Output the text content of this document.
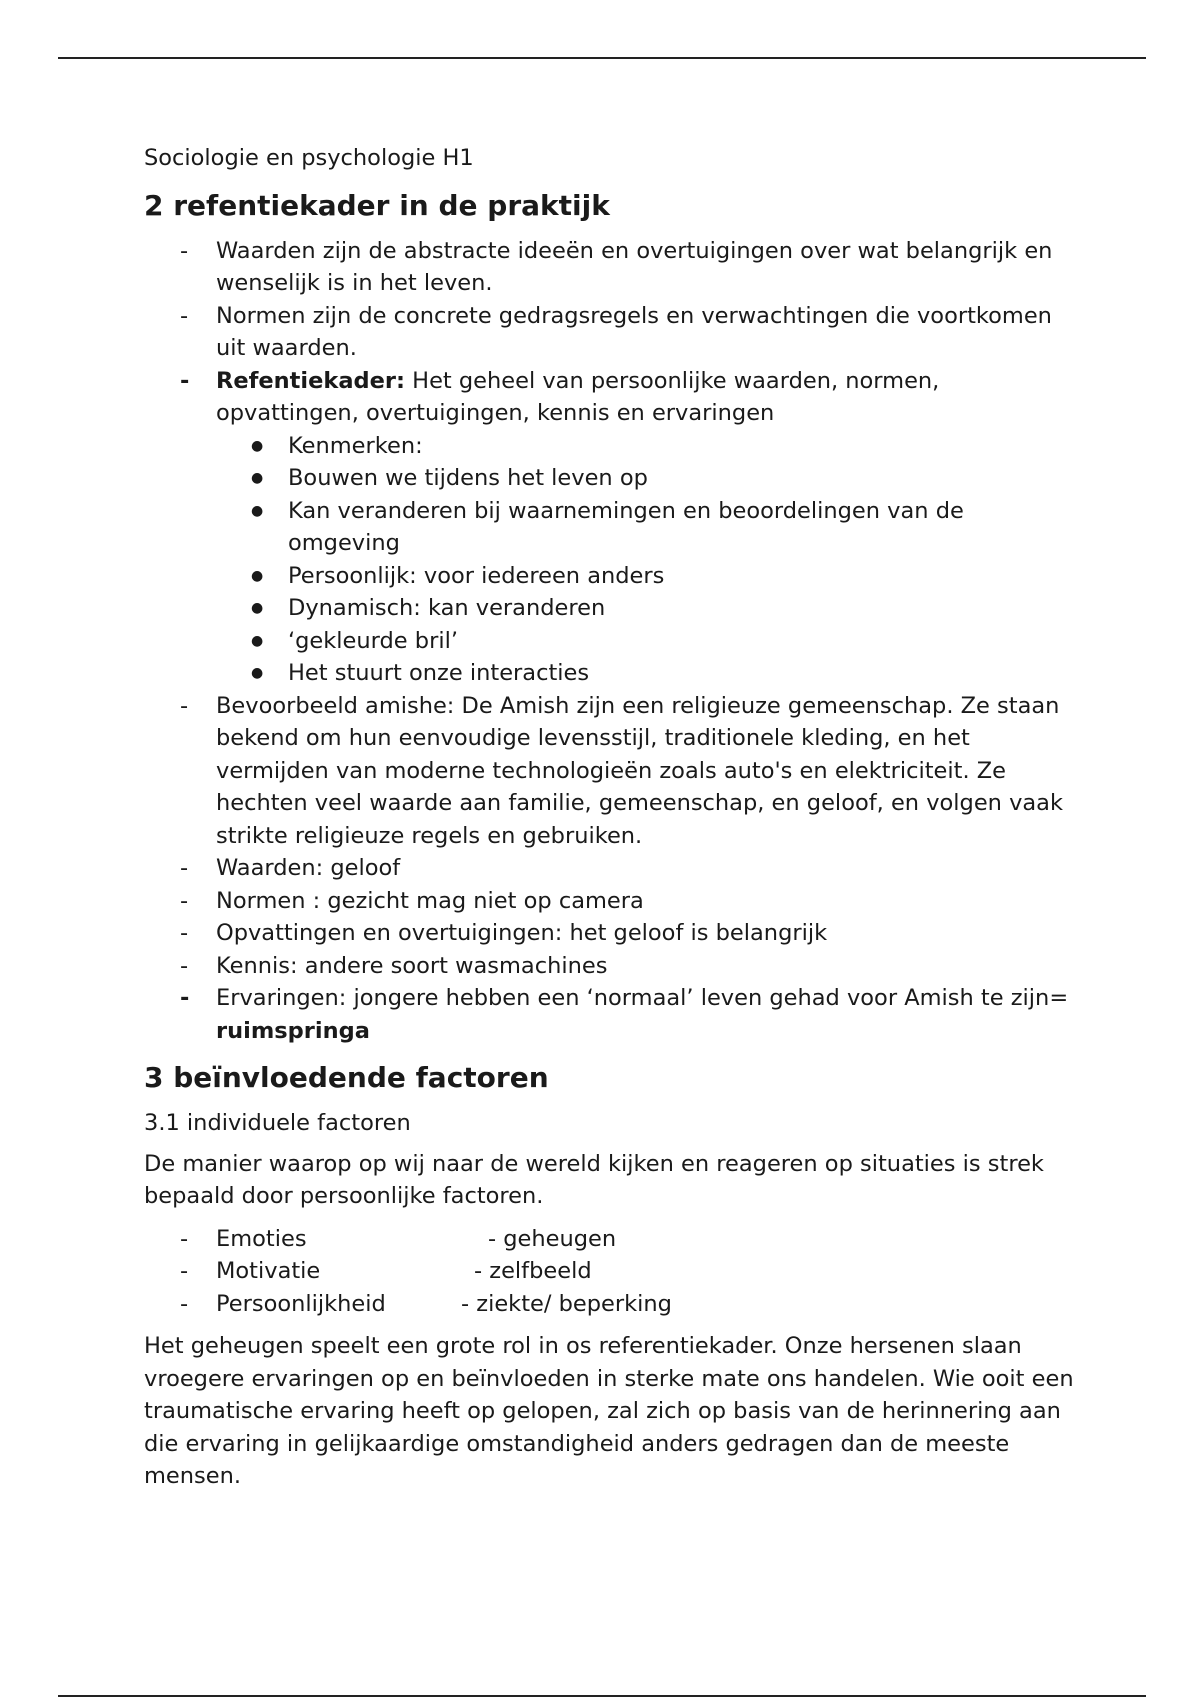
Sociologie en psychologie H1
2 refentiekader in de praktijk
- Waarden zijn de abstracte ideeën en overtuigingen over wat belangrijk en wenselijk is in het leven.
- Normen zijn de concrete gedragsregels en verwachtingen die voortkomen uit waarden.
- Refentiekader: Het geheel van persoonlijke waarden, normen, opvattingen, overtuigingen, kennis en ervaringen
● Kenmerken:
● Bouwen we tijdens het leven op
● Kan veranderen bij waarnemingen en beoordelingen van de omgeving
● Persoonlijk: voor iedereen anders
● Dynamisch: kan veranderen
● ‘gekleurde bril’
● Het stuurt onze interacties
- Bevoorbeeld amishe: De Amish zijn een religieuze gemeenschap. Ze staan bekend om hun eenvoudige levensstijl, traditionele kleding, en het vermijden van moderne technologieën zoals auto's en elektriciteit. Ze hechten veel waarde aan familie, gemeenschap, en geloof, en volgen vaak strikte religieuze regels en gebruiken.
- Waarden: geloof
- Normen : gezicht mag niet op camera
- Opvattingen en overtuigingen: het geloof is belangrijk
- Kennis: andere soort wasmachines
- Ervaringen: jongere hebben een ‘normaal’ leven gehad voor Amish te zijn= ruimspringa
3 beïnvloedende factoren
3.1 individuele factoren

De manier waarop op wij naar de wereld kijken en reageren op situaties is strek bepaald door persoonlijke factoren.

- Emoties	- geheugen
- Motivatie	- zelfbeeld
- Persoonlijkheid	- ziekte/ beperking

Het geheugen speelt een grote rol in os referentiekader. Onze hersenen slaan vroegere ervaringen op en beïnvloeden in sterke mate ons handelen. Wie ooit een traumatische ervaring heeft op gelopen, zal zich op basis van de herinnering aan die ervaring in gelijkaardige omstandigheid anders gedragen dan de meeste mensen.
